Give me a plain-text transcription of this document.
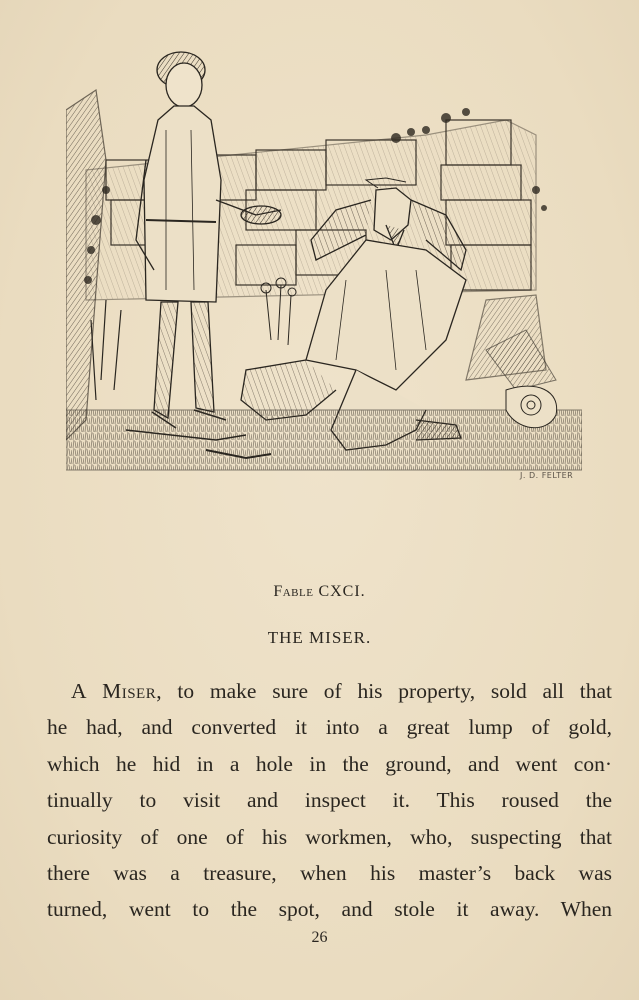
J. D. FELTER
Fable CXCI.
THE MISER.
A Miser, to make sure of his property, sold all that
he had, and converted it into a great lump of gold,
which he hid in a hole in the ground, and went con·
tinually to visit and inspect it. This roused the
curiosity of one of his workmen, who, suspecting that
there was a treasure, when his master’s back was
turned, went to the spot, and stole it away. When
26
